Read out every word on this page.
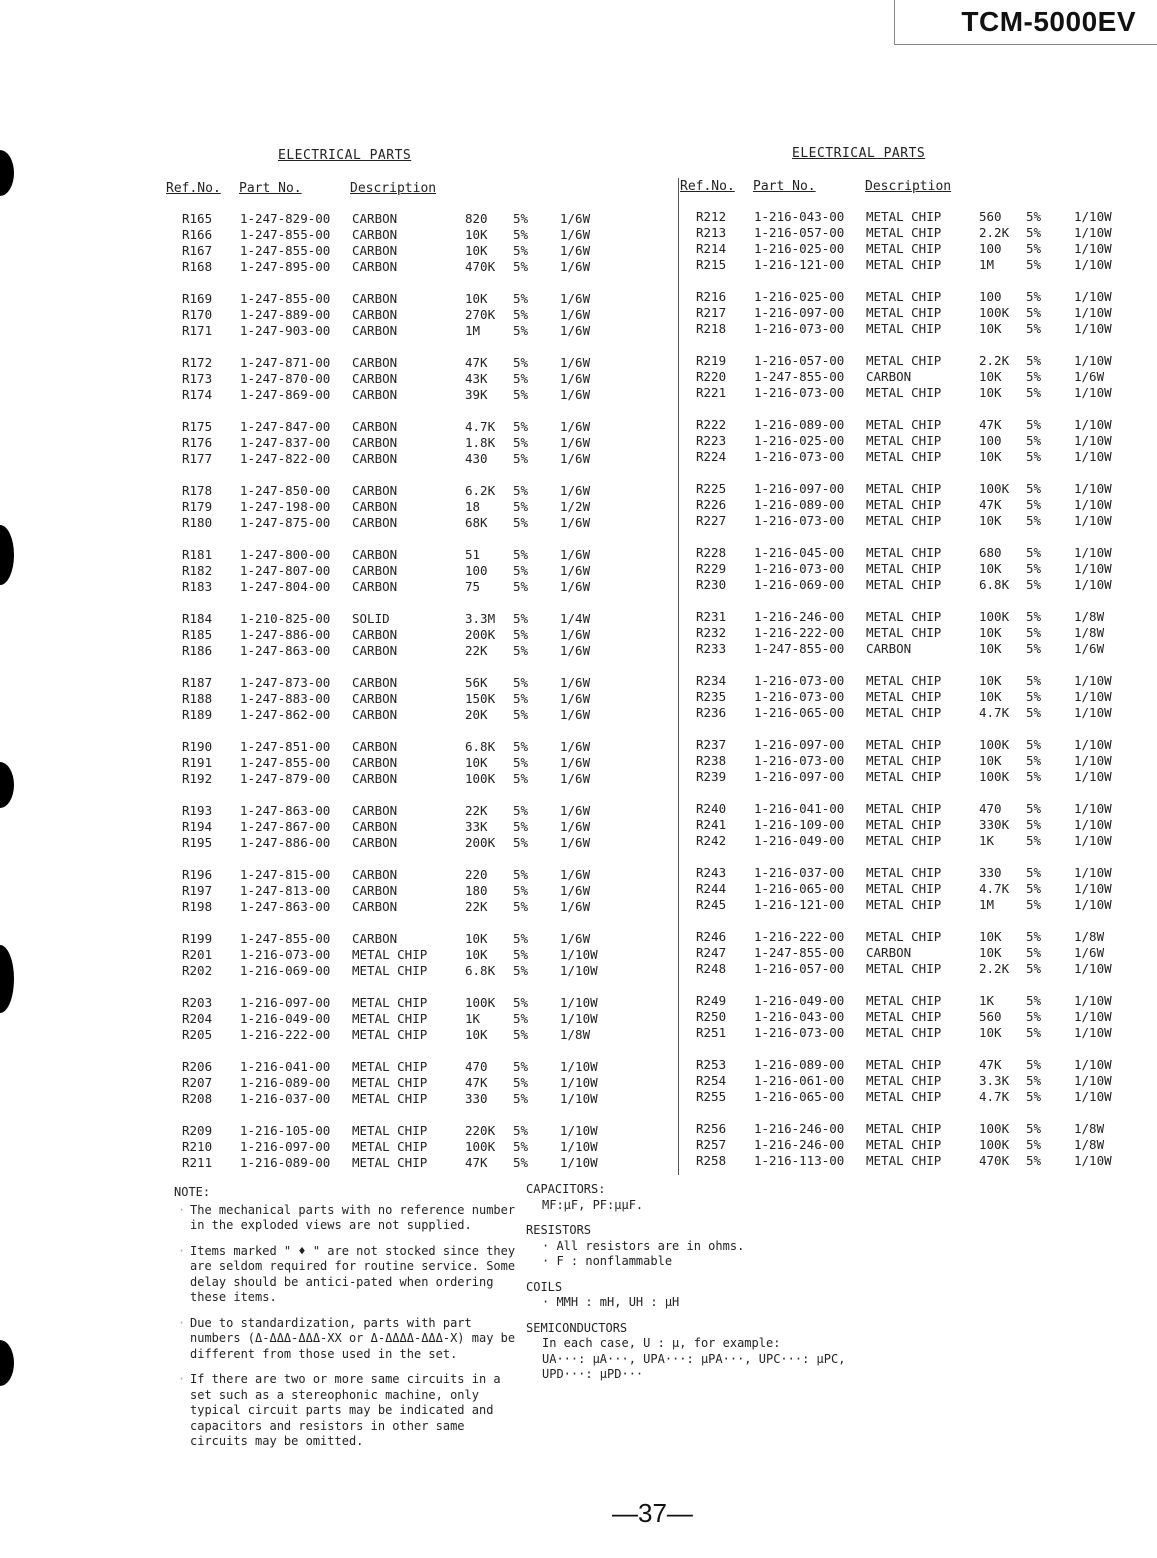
TCM-5000EV
ELECTRICAL PARTS
Ref.No. Part No.	Description
R165 1-247-829-00 CARBON	820 5%	1/6W
R166 1-247-855-00 CARBON	10K 5%	1/6W
R167 1-247-855-00 CARBON	10K 5%	1/6W
R168 1-247-895-00 CARBON	470K 5%	1/6W
R169 1-247-855-00 CARBON	10K 5%	1/6W
R170 1-247-889-00 CARBON	270K 5%	1/6W
R171 1-247-903-00 CARBON	1M	5%	1/6W
R172 1-247-871-00 CARBON	47K 5%	1/6W
R173 1-247-870-00 CARBON	43K 5%	1/6W
R174 1-247-869-00 CARBON	39K 5%	1/6W
R175 1-247-847-00 CARBON	4.7K 5%	1/6W
R176 1-247-837-00 CARBON	1.8K 5%	1/6W
R177 1-247-822-00 CARBON	430 5%	1/6W
R178 1-247-850-00 CARBON	6.2K 5%	1/6W
R179 1-247-198-00 CARBON	18	5%	1/2W
R180 1-247-875-00 CARBON	68K 5%	1/6W
R181 1-247-800-00 CARBON	51	5%	1/6W
R182 1-247-807-00 CARBON	100 5%	1/6W
R183 1-247-804-00 CARBON	75	5%	1/6W
R184 1-210-825-00 SOLID	3.3M 5%	1/4W
R185 1-247-886-00 CARBON	200K 5%	1/6W
R186 1-247-863-00 CARBON	22K 5%	1/6W
R187 1-247-873-00 CARBON	56K 5%	1/6W
R188 1-247-883-00 CARBON	150K 5%	1/6W
R189 1-247-862-00 CARBON	20K 5%	1/6W
R190 1-247-851-00 CARBON	6.8K 5%	1/6W
R191 1-247-855-00 CARBON	10K 5%	1/6W
R192 1-247-879-00 CARBON	100K 5%	1/6W
R193 1-247-863-00 CARBON	22K 5%	1/6W
R194 1-247-867-00 CARBON	33K 5%	1/6W
R195 1-247-886-00 CARBON	200K 5%	1/6W
R196 1-247-815-00 CARBON	220 5%	1/6W
R197 1-247-813-00 CARBON	180 5%	1/6W
R198 1-247-863-00 CARBON	22K 5%	1/6W
R199 1-247-855-00 CARBON	10K 5%	1/6W
R201 1-216-073-00 METAL CHIP	10K 5%	1/10W
R202 1-216-069-00 METAL CHIP	6.8K 5%	1/10W
R203 1-216-097-00 METAL CHIP	100K 5%	1/10W
R204 1-216-049-00 METAL CHIP	1K	5%	1/10W
R205 1-216-222-00 METAL CHIP	10K 5%	1/8W
R206 1-216-041-00 METAL CHIP	470 5%	1/10W
R207 1-216-089-00 METAL CHIP	47K 5%	1/10W
R208 1-216-037-00 METAL CHIP	330 5%	1/10W
R209 1-216-105-00 METAL CHIP	220K 5%	1/10W
R210 1-216-097-00 METAL CHIP	100K 5%	1/10W
R211 1-216-089-00 METAL CHIP	47K 5%	1/10W
ELECTRICAL PARTS
Ref.No. Part No.	Description
R212 1-216-043-00 METAL CHIP	560 5%	1/10W
R213 1-216-057-00 METAL CHIP	2.2K 5%	1/10W
R214 1-216-025-00 METAL CHIP	100 5%	1/10W
R215 1-216-121-00 METAL CHIP	1M	5%	1/10W
R216 1-216-025-00 METAL CHIP	100 5%	1/10W
R217 1-216-097-00 METAL CHIP	100K 5%	1/10W
R218 1-216-073-00 METAL CHIP	10K 5%	1/10W
R219 1-216-057-00 METAL CHIP	2.2K 5%	1/10W
R220 1-247-855-00 CARBON	10K 5%	1/6W
R221 1-216-073-00 METAL CHIP	10K 5%	1/10W
R222 1-216-089-00 METAL CHIP	47K 5%	1/10W
R223 1-216-025-00 METAL CHIP	100 5%	1/10W
R224 1-216-073-00 METAL CHIP	10K 5%	1/10W
R225 1-216-097-00 METAL CHIP	100K 5%	1/10W
R226 1-216-089-00 METAL CHIP	47K 5%	1/10W
R227 1-216-073-00 METAL CHIP	10K 5%	1/10W
R228 1-216-045-00 METAL CHIP	680 5%	1/10W
R229 1-216-073-00 METAL CHIP	10K 5%	1/10W
R230 1-216-069-00 METAL CHIP	6.8K 5%	1/10W
R231 1-216-246-00 METAL CHIP	100K 5%	1/8W
R232 1-216-222-00 METAL CHIP	10K 5%	1/8W
R233 1-247-855-00 CARBON	10K 5%	1/6W
R234 1-216-073-00 METAL CHIP	10K 5%	1/10W
R235 1-216-073-00 METAL CHIP	10K 5%	1/10W
R236 1-216-065-00 METAL CHIP	4.7K 5%	1/10W
R237 1-216-097-00 METAL CHIP	100K 5%	1/10W
R238 1-216-073-00 METAL CHIP	10K 5%	1/10W
R239 1-216-097-00 METAL CHIP	100K 5%	1/10W
R240 1-216-041-00 METAL CHIP	470 5%	1/10W
R241 1-216-109-00 METAL CHIP	330K 5%	1/10W
R242 1-216-049-00 METAL CHIP	1K	5%	1/10W
R243 1-216-037-00 METAL CHIP	330 5%	1/10W
R244 1-216-065-00 METAL CHIP	4.7K 5%	1/10W
R245 1-216-121-00 METAL CHIP	1M	5%	1/10W
R246 1-216-222-00 METAL CHIP	10K 5%	1/8W
R247 1-247-855-00 CARBON	10K 5%	1/6W
R248 1-216-057-00 METAL CHIP	2.2K 5%	1/10W
R249 1-216-049-00 METAL CHIP	1K	5%	1/10W
R250 1-216-043-00 METAL CHIP	560 5%	1/10W
R251 1-216-073-00 METAL CHIP	10K 5%	1/10W
R253 1-216-089-00 METAL CHIP	47K 5%	1/10W
R254 1-216-061-00 METAL CHIP	3.3K 5%	1/10W
R255 1-216-065-00 METAL CHIP	4.7K 5%	1/10W
R256 1-216-246-00 METAL CHIP	100K 5%	1/8W
R257 1-216-246-00 METAL CHIP	100K 5%	1/8W
R258 1-216-113-00 METAL CHIP	470K 5%	1/10W
NOTE:
· The mechanical parts with no reference number in the exploded views are not supplied.
· Items marked " ♦ " are not stocked since they are seldom required for routine service. Some delay should be antici-pated when ordering these items.
· Due to standardization, parts with part numbers (Δ-ΔΔΔ-ΔΔΔ-XX or Δ-ΔΔΔΔ-ΔΔΔ-X) may be different from those used in the set.
· If there are two or more same circuits in a set such as a stereophonic machine, only typical circuit parts may be indicated and capacitors and resistors in other same circuits may be omitted.
CAPACITORS:
MF:μF, PF:μμF.
RESISTORS
· All resistors are in ohms.
· F : nonflammable
COILS
· MMH : mH, UH : μH
SEMICONDUCTORS
In each case, U : μ, for example:
UA···: μA···, UPA···: μPA···, UPC···: μPC,
UPD···: μPD···
—37—
